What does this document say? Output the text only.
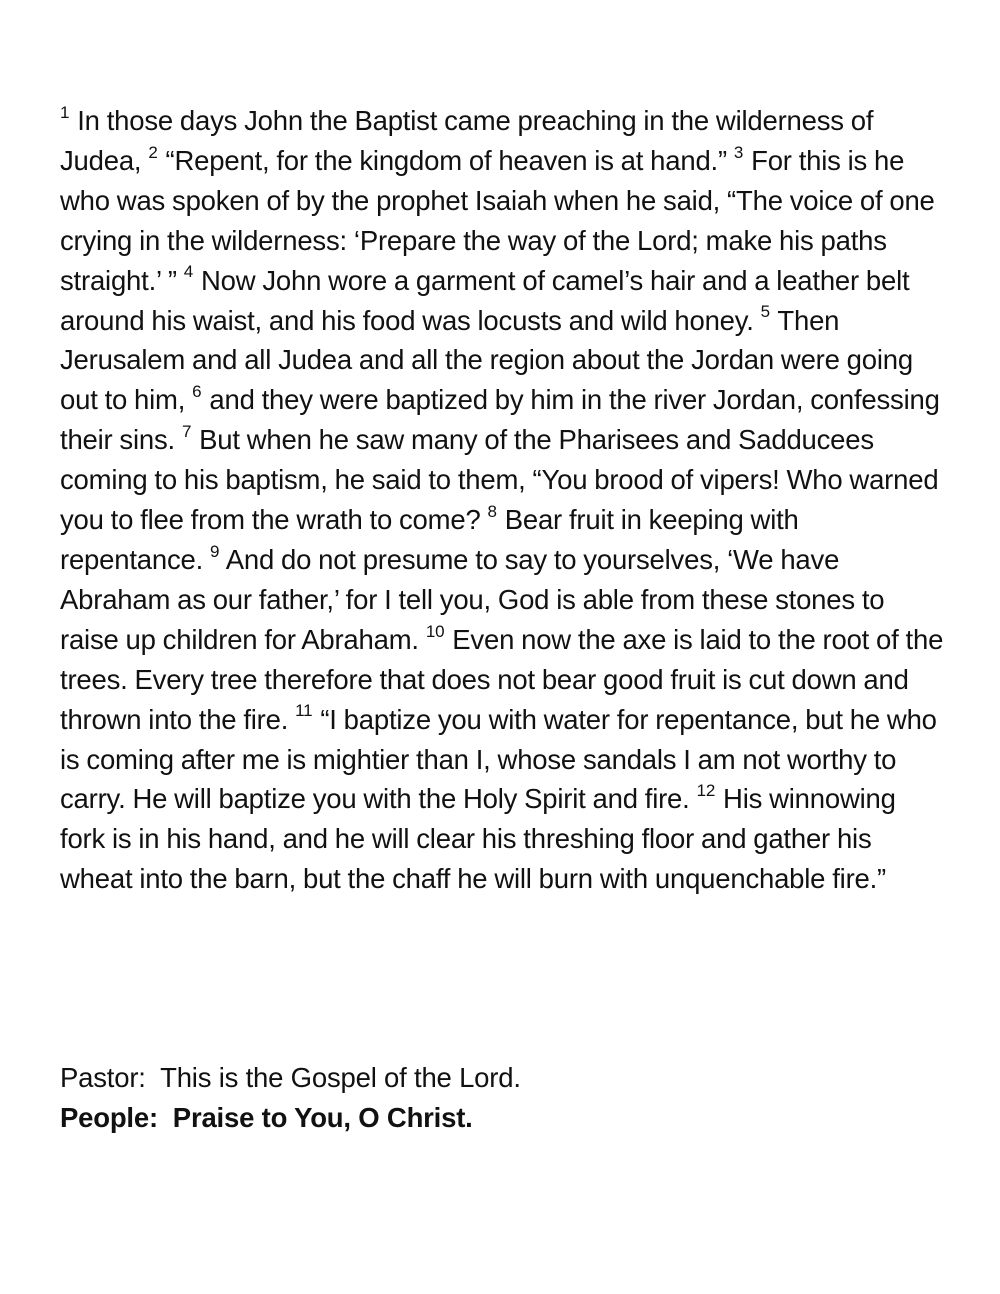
$^1$ In those days John the Baptist came preaching in the wilderness of Judea, $^2$ “Repent, for the kingdom of heaven is at hand.” $^3$ For this is he who was spoken of by the prophet Isaiah when he said, “The voice of one crying in the wilderness: ‘Prepare the way of the Lord; make his paths straight.’ ” $^4$ Now John wore a garment of camel’s hair and a leather belt around his waist, and his food was locusts and wild honey. $^5$ Then Jerusalem and all Judea and all the region about the Jordan were going out to him, $^6$ and they were baptized by him in the river Jordan, confessing their sins. $^7$ But when he saw many of the Pharisees and Sadducees coming to his baptism, he said to them, “You brood of vipers! Who warned you to flee from the wrath to come? $^8$ Bear fruit in keeping with repentance. $^9$ And do not presume to say to yourselves, ‘We have Abraham as our father,’ for I tell you, God is able from these stones to raise up children for Abraham. $^{10}$ Even now the axe is laid to the root of the trees. Every tree therefore that does not bear good fruit is cut down and thrown into the fire. $^{11}$ “I baptize you with water for repentance, but he who is coming after me is mightier than I, whose sandals I am not worthy to carry. He will baptize you with the Holy Spirit and fire. $^{12}$ His winnowing fork is in his hand, and he will clear his threshing floor and gather his wheat into the barn, but the chaff he will burn with unquenchable fire.”

Pastor:  This is the Gospel of the Lord.
People:  Praise to You, O Christ.
